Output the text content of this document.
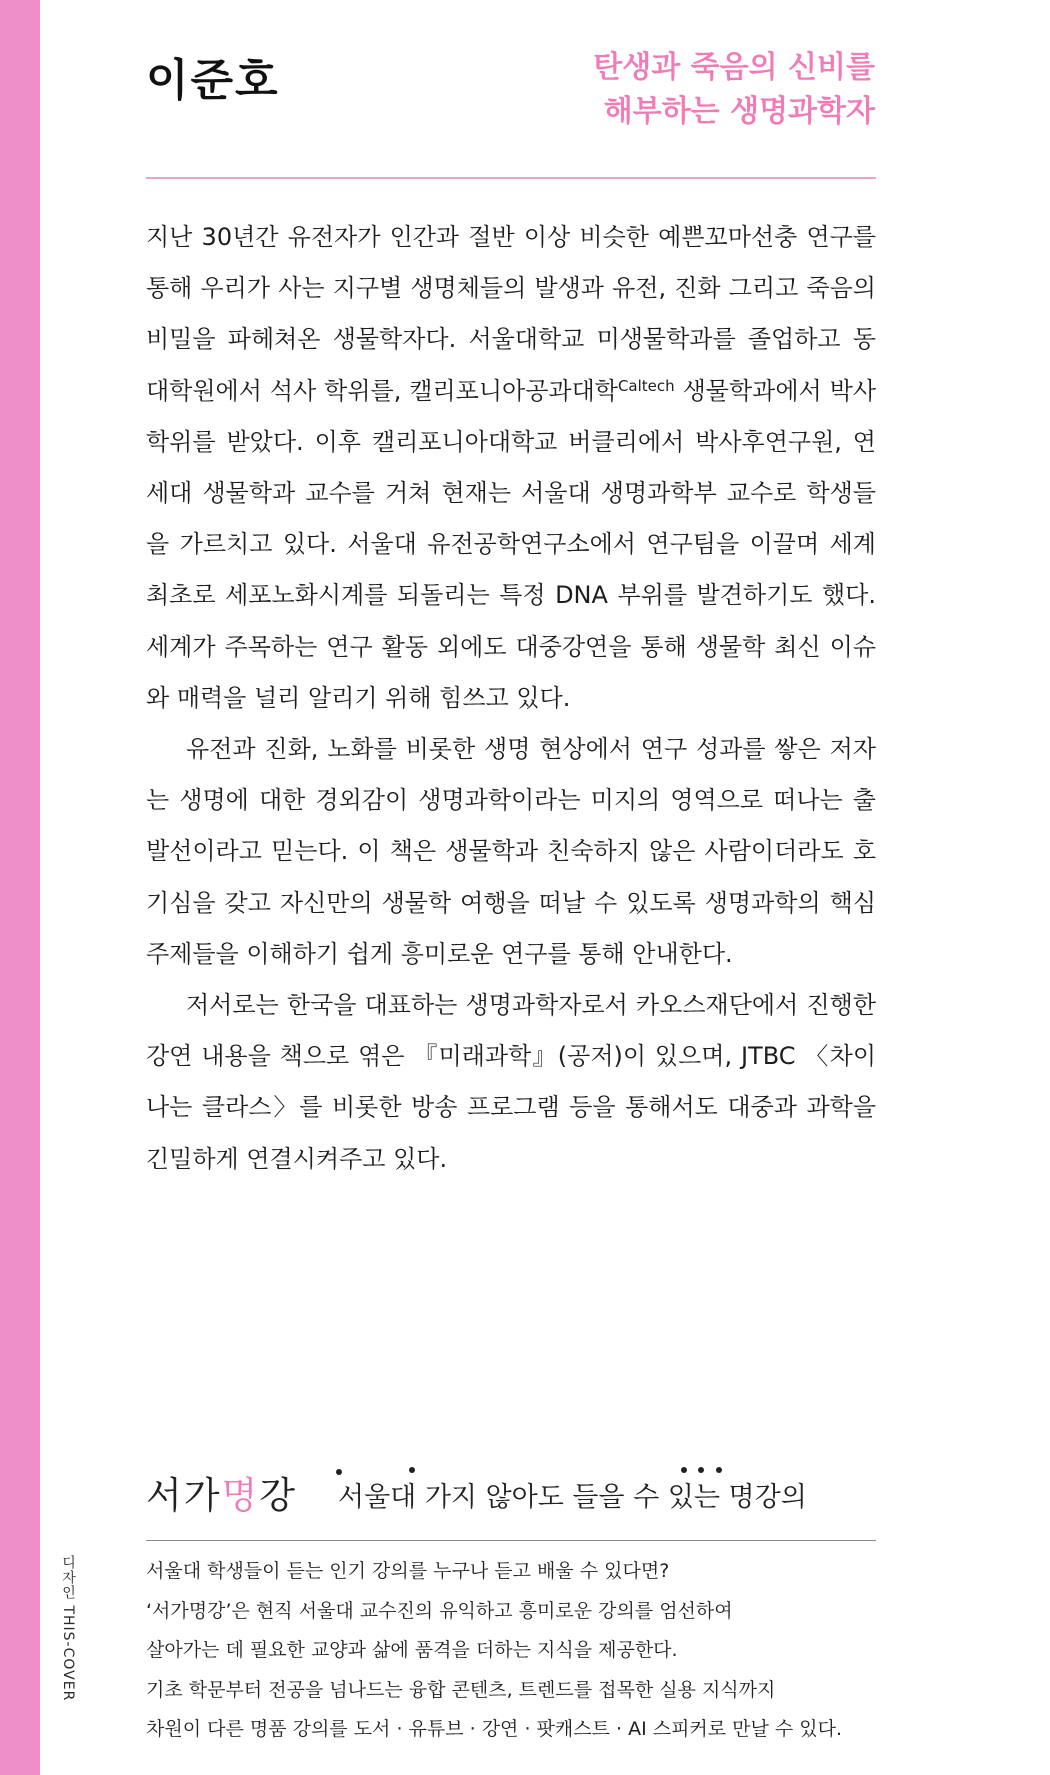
디자인 THIS-COVER
이준호	탄생과 죽음의 신비를
해부하는 생명과학자

지난 30년간 유전자가 인간과 절반 이상 비슷한 예쁜꼬마선충 연구를 통해 우리가 사는 지구별 생명체들의 발생과 유전, 진화 그리고 죽음의 비밀을 파헤쳐온 생물학자다. 서울대학교 미생물학과를 졸업하고 동 대학원에서 석사 학위를, 캘리포니아공과대학$^{Caltech}$ 생물학과에서 박사 학위를 받았다. 이후 캘리포니아대학교 버클리에서 박사후연구원, 연세대 생물학과 교수를 거쳐 현재는 서울대 생명과학부 교수로 학생들을 가르치고 있다. 서울대 유전공학연구소에서 연구팀을 이끌며 세계 최초로 세포노화시계를 되돌리는 특정 DNA 부위를 발견하기도 했다. 세계가 주목하는 연구 활동 외에도 대중강연을 통해 생물학 최신 이슈와 매력을 널리 알리기 위해 힘쓰고 있다.

유전과 진화, 노화를 비롯한 생명 현상에서 연구 성과를 쌓은 저자는 생명에 대한 경외감이 생명과학이라는 미지의 영역으로 떠나는 출발선이라고 믿는다. 이 책은 생물학과 친숙하지 않은 사람이더라도 호기심을 갖고 자신만의 생물학 여행을 떠날 수 있도록 생명과학의 핵심 주제들을 이해하기 쉽게 흥미로운 연구를 통해 안내한다.

저서로는 한국을 대표하는 생명과학자로서 카오스재단에서 진행한 강연 내용을 책으로 엮은 『미래과학』(공저)이 있으며, JTBC 〈차이나는 클라스〉를 비롯한 방송 프로그램 등을 통해서도 대중과 과학을 긴밀하게 연결시켜주고 있다.

서가명강 서울대 가지 않아도 들을 수 있는 명강의
서울대 학생들이 듣는 인기 강의를 누구나 듣고 배울 수 있다면?
‘서가명강’은 현직 서울대 교수진의 유익하고 흥미로운 강의를 엄선하여
살아가는 데 필요한 교양과 삶에 품격을 더하는 지식을 제공한다.
기초 학문부터 전공을 넘나드는 융합 콘텐츠, 트렌드를 접목한 실용 지식까지
차원이 다른 명품 강의를 도서 · 유튜브 · 강연 · 팟캐스트 · AI 스피커로 만날 수 있다.
